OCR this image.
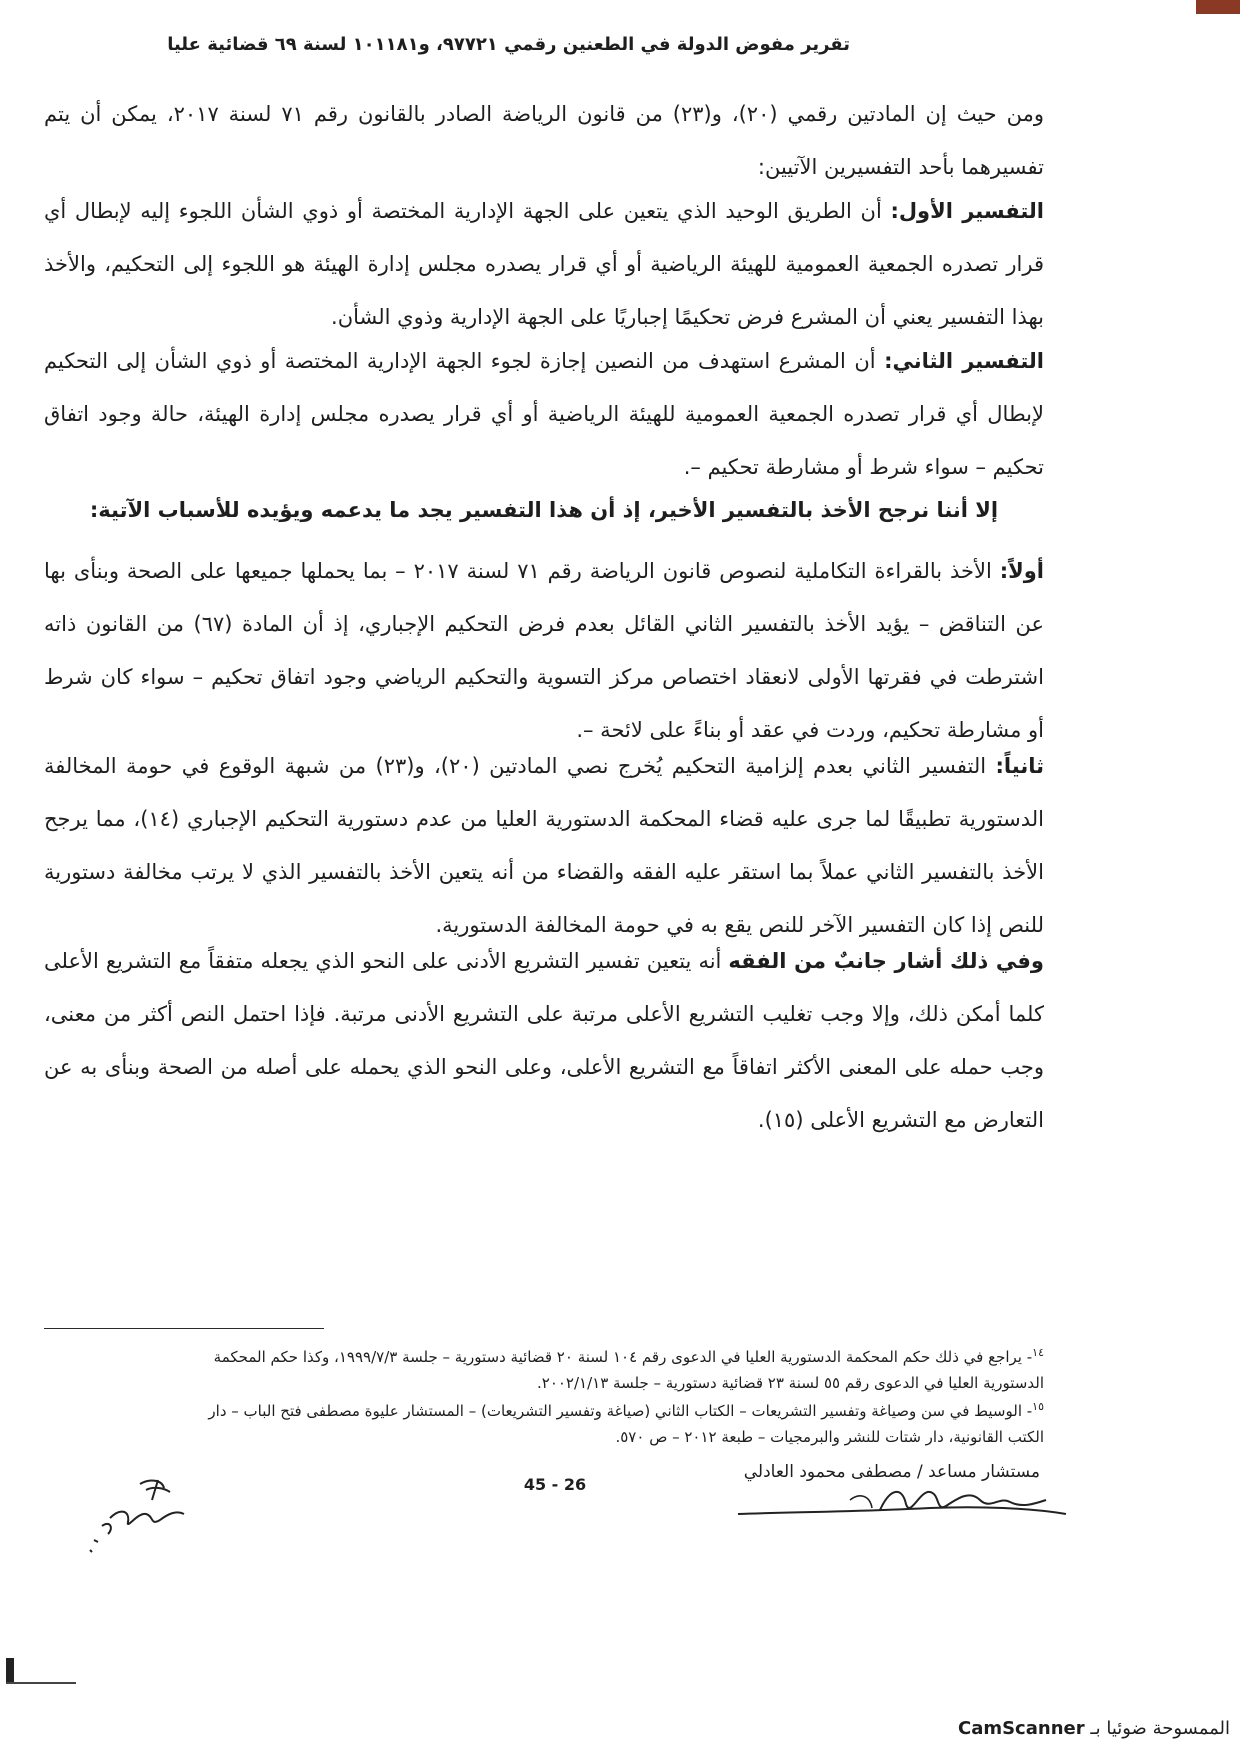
تقرير مفوض الدولة في الطعنين رقمي ٩٧٧٢١، و١٠١١٨١ لسنة ٦٩ قضائية عليا
ومن حيث إن المادتين رقمي (٢٠)، و(٢٣) من قانون الرياضة الصادر بالقانون رقم ٧١ لسنة ٢٠١٧، يمكن أن يتم تفسيرهما بأحد التفسيرين الآتيين:
التفسير الأول: أن الطريق الوحيد الذي يتعين على الجهة الإدارية المختصة أو ذوي الشأن اللجوء إليه لإبطال أي قرار تصدره الجمعية العمومية للهيئة الرياضية أو أي قرار يصدره مجلس إدارة الهيئة هو اللجوء إلى التحكيم، والأخذ بهذا التفسير يعني أن المشرع فرض تحكيمًا إجباريًا على الجهة الإدارية وذوي الشأن.
التفسير الثاني: أن المشرع استهدف من النصين إجازة لجوء الجهة الإدارية المختصة أو ذوي الشأن إلى التحكيم لإبطال أي قرار تصدره الجمعية العمومية للهيئة الرياضية أو أي قرار يصدره مجلس إدارة الهيئة، حالة وجود اتفاق تحكيم – سواء شرط أو مشارطة تحكيم –.
إلا أننا نرجح الأخذ بالتفسير الأخير، إذ أن هذا التفسير يجد ما يدعمه ويؤيده للأسباب الآتية:
أولاً: الأخذ بالقراءة التكاملية لنصوص قانون الرياضة رقم ٧١ لسنة ٢٠١٧ – بما يحملها جميعها على الصحة وبنأى بها عن التناقض – يؤيد الأخذ بالتفسير الثاني القائل بعدم فرض التحكيم الإجباري، إذ أن المادة (٦٧) من القانون ذاته اشترطت في فقرتها الأولى لانعقاد اختصاص مركز التسوية والتحكيم الرياضي وجود اتفاق تحكيم – سواء كان شرط أو مشارطة تحكيم، وردت في عقد أو بناءً على لائحة –.
ثانياً: التفسير الثاني بعدم إلزامية التحكيم يُخرج نصي المادتين (٢٠)، و(٢٣) من شبهة الوقوع في حومة المخالفة الدستورية تطبيقًا لما جرى عليه قضاء المحكمة الدستورية العليا من عدم دستورية التحكيم الإجباري (١٤)، مما يرجح الأخذ بالتفسير الثاني عملاً بما استقر عليه الفقه والقضاء من أنه يتعين الأخذ بالتفسير الذي لا يرتب مخالفة دستورية للنص إذا كان التفسير الآخر للنص يقع به في حومة المخالفة الدستورية.
وفي ذلك أشار جانبٌ من الفقه أنه يتعين تفسير التشريع الأدنى على النحو الذي يجعله متفقاً مع التشريع الأعلى كلما أمكن ذلك، وإلا وجب تغليب التشريع الأعلى مرتبة على التشريع الأدنى مرتبة. فإذا احتمل النص أكثر من معنى، وجب حمله على المعنى الأكثر اتفاقاً مع التشريع الأعلى، وعلى النحو الذي يحمله على أصله من الصحة وبنأى به عن التعارض مع التشريع الأعلى (١٥).
$^{١٤}$- يراجع في ذلك حكم المحكمة الدستورية العليا في الدعوى رقم ١٠٤ لسنة ٢٠ قضائية دستورية – جلسة ١٩٩٩/٧/٣، وكذا حكم المحكمة
الدستورية العليا في الدعوى رقم ٥٥ لسنة ٢٣ قضائية دستورية – جلسة ٢٠٠٢/١/١٣.
$^{١٥}$- الوسيط في سن وصياغة وتفسير التشريعات – الكتاب الثاني (صياغة وتفسير التشريعات) – المستشار عليوة مصطفى فتح الباب – دار
الكتب القانونية، دار شتات للنشر والبرمجيات – طبعة ٢٠١٢ – ص ٥٧٠.
مستشار مساعد / مصطفى محمود العادلي
45 - 26
الممسوحة ضوئيا بـ CamScanner
